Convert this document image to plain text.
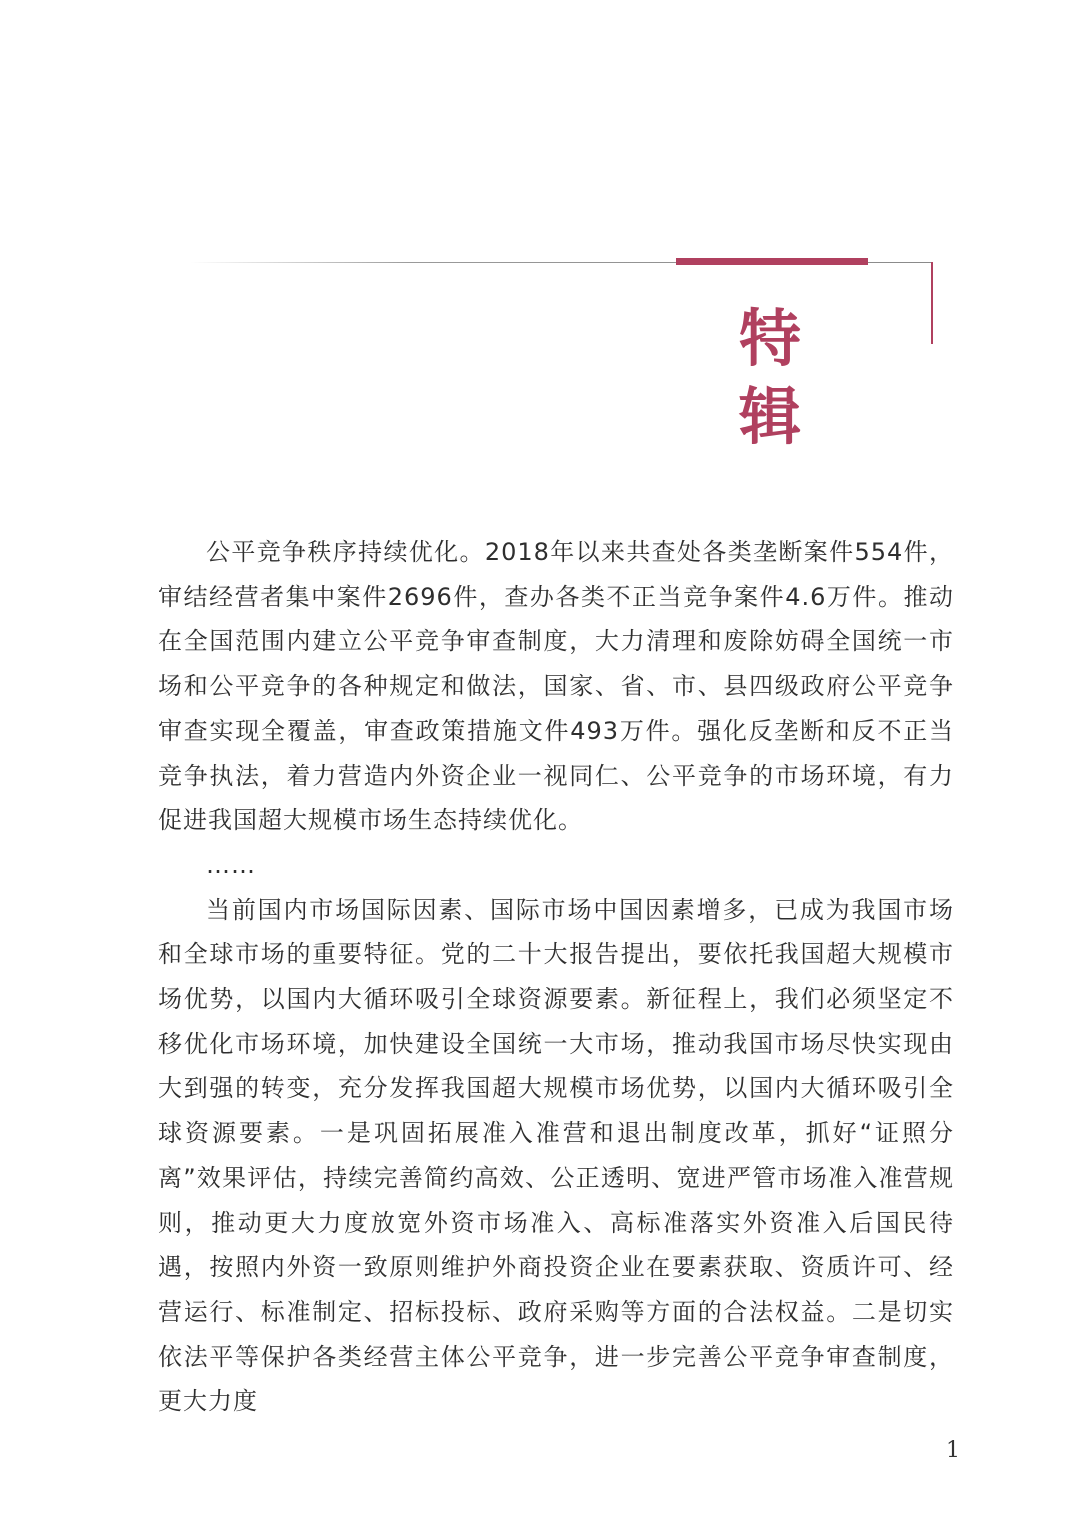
特辑

公平竞争秩序持续优化。2018年以来共查处各类垄断案件554件，审结经营者集中案件2696件，查办各类不正当竞争案件4.6万件。推动在全国范围内建立公平竞争审查制度，大力清理和废除妨碍全国统一市场和公平竞争的各种规定和做法，国家、省、市、县四级政府公平竞争审查实现全覆盖，审查政策措施文件493万件。强化反垄断和反不正当竞争执法，着力营造内外资企业一视同仁、公平竞争的市场环境，有力促进我国超大规模市场生态持续优化。

……

当前国内市场国际因素、国际市场中国因素增多，已成为我国市场和全球市场的重要特征。党的二十大报告提出，要依托我国超大规模市场优势，以国内大循环吸引全球资源要素。新征程上，我们必须坚定不移优化市场环境，加快建设全国统一大市场，推动我国市场尽快实现由大到强的转变，充分发挥我国超大规模市场优势，以国内大循环吸引全球资源要素。一是巩固拓展准入准营和退出制度改革，抓好“证照分离”效果评估，持续完善简约高效、公正透明、宽进严管市场准入准营规则，推动更大力度放宽外资市场准入、高标准落实外资准入后国民待遇，按照内外资一致原则维护外商投资企业在要素获取、资质许可、经营运行、标准制定、招标投标、政府采购等方面的合法权益。二是切实依法平等保护各类经营主体公平竞争，进一步完善公平竞争审查制度，更大力度

1
